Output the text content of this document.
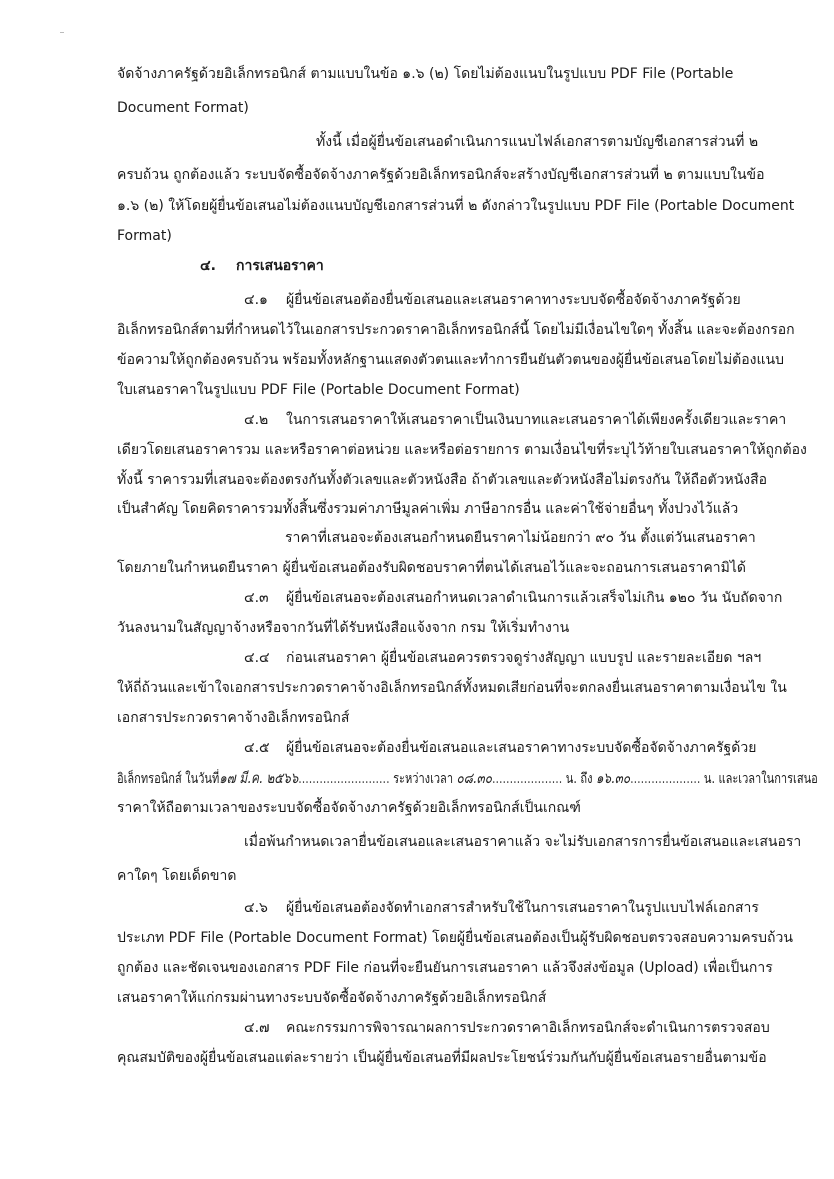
จัดจ้างภาครัฐด้วยอิเล็กทรอนิกส์ ตามแบบในข้อ ๑.๖ (๒) โดยไม่ต้องแนบในรูปแบบ PDF File (Portable
Document Format)
ทั้งนี้ เมื่อผู้ยื่นข้อเสนอดำเนินการแนบไฟล์เอกสารตามบัญชีเอกสารส่วนที่ ๒
ครบถ้วน ถูกต้องแล้ว ระบบจัดซื้อจัดจ้างภาครัฐด้วยอิเล็กทรอนิกส์จะสร้างบัญชีเอกสารส่วนที่ ๒ ตามแบบในข้อ
๑.๖ (๒) ให้โดยผู้ยื่นข้อเสนอไม่ต้องแนบบัญชีเอกสารส่วนที่ ๒ ดังกล่าวในรูปแบบ PDF File (Portable Document
Format)
๔. การเสนอราคา
๔.๑ ผู้ยื่นข้อเสนอต้องยื่นข้อเสนอและเสนอราคาทางระบบจัดซื้อจัดจ้างภาครัฐด้วย
อิเล็กทรอนิกส์ตามที่กำหนดไว้ในเอกสารประกวดราคาอิเล็กทรอนิกส์นี้ โดยไม่มีเงื่อนไขใดๆ ทั้งสิ้น และจะต้องกรอก
ข้อความให้ถูกต้องครบถ้วน พร้อมทั้งหลักฐานแสดงตัวตนและทำการยืนยันตัวตนของผู้ยื่นข้อเสนอโดยไม่ต้องแนบ
ใบเสนอราคาในรูปแบบ PDF File (Portable Document Format)
๔.๒ ในการเสนอราคาให้เสนอราคาเป็นเงินบาทและเสนอราคาได้เพียงครั้งเดียวและราคา
เดียวโดยเสนอราคารวม และหรือราคาต่อหน่วย และหรือต่อรายการ ตามเงื่อนไขที่ระบุไว้ท้ายใบเสนอราคาให้ถูกต้อง
ทั้งนี้ ราคารวมที่เสนอจะต้องตรงกันทั้งตัวเลขและตัวหนังสือ ถ้าตัวเลขและตัวหนังสือไม่ตรงกัน ให้ถือตัวหนังสือ
เป็นสำคัญ โดยคิดราคารวมทั้งสิ้นซึ่งรวมค่าภาษีมูลค่าเพิ่ม ภาษีอากรอื่น และค่าใช้จ่ายอื่นๆ ทั้งปวงไว้แล้ว
ราคาที่เสนอจะต้องเสนอกำหนดยืนราคาไม่น้อยกว่า ๙๐ วัน ตั้งแต่วันเสนอราคา
โดยภายในกำหนดยืนราคา ผู้ยื่นข้อเสนอต้องรับผิดชอบราคาที่ตนได้เสนอไว้และจะถอนการเสนอราคามิได้
๔.๓ ผู้ยื่นข้อเสนอจะต้องเสนอกำหนดเวลาดำเนินการแล้วเสร็จไม่เกิน ๑๒๐ วัน นับถัดจาก
วันลงนามในสัญญาจ้างหรือจากวันที่ได้รับหนังสือแจ้งจาก กรม ให้เริ่มทำงาน
๔.๔ ก่อนเสนอราคา ผู้ยื่นข้อเสนอควรตรวจดูร่างสัญญา แบบรูป และรายละเอียด ฯลฯ
ให้ถี่ถ้วนและเข้าใจเอกสารประกวดราคาจ้างอิเล็กทรอนิกส์ทั้งหมดเสียก่อนที่จะตกลงยื่นเสนอราคาตามเงื่อนไข ใน
เอกสารประกวดราคาจ้างอิเล็กทรอนิกส์
๔.๕ ผู้ยื่นข้อเสนอจะต้องยื่นข้อเสนอและเสนอราคาทางระบบจัดซื้อจัดจ้างภาครัฐด้วย
อิเล็กทรอนิกส์ ในวันที่๑๗ มี.ค. ๒๕๖๖.......................... ระหว่างเวลา ๐๘.๓๐.................... น. ถึง ๑๖.๓๐.................... น. และเวลาในการเสนอ
ราคาให้ถือตามเวลาของระบบจัดซื้อจัดจ้างภาครัฐด้วยอิเล็กทรอนิกส์เป็นเกณฑ์
เมื่อพ้นกำหนดเวลายื่นข้อเสนอและเสนอราคาแล้ว จะไม่รับเอกสารการยื่นข้อเสนอและเสนอรา
คาใดๆ โดยเด็ดขาด
๔.๖ ผู้ยื่นข้อเสนอต้องจัดทำเอกสารสำหรับใช้ในการเสนอราคาในรูปแบบไฟล์เอกสาร
ประเภท PDF File (Portable Document Format) โดยผู้ยื่นข้อเสนอต้องเป็นผู้รับผิดชอบตรวจสอบความครบถ้วน
ถูกต้อง และชัดเจนของเอกสาร PDF File ก่อนที่จะยืนยันการเสนอราคา แล้วจึงส่งข้อมูล (Upload) เพื่อเป็นการ
เสนอราคาให้แก่กรมผ่านทางระบบจัดซื้อจัดจ้างภาครัฐด้วยอิเล็กทรอนิกส์
๔.๗ คณะกรรมการพิจารณาผลการประกวดราคาอิเล็กทรอนิกส์จะดำเนินการตรวจสอบ
คุณสมบัติของผู้ยื่นข้อเสนอแต่ละรายว่า เป็นผู้ยื่นข้อเสนอที่มีผลประโยชน์ร่วมกันกับผู้ยื่นข้อเสนอรายอื่นตามข้อ
